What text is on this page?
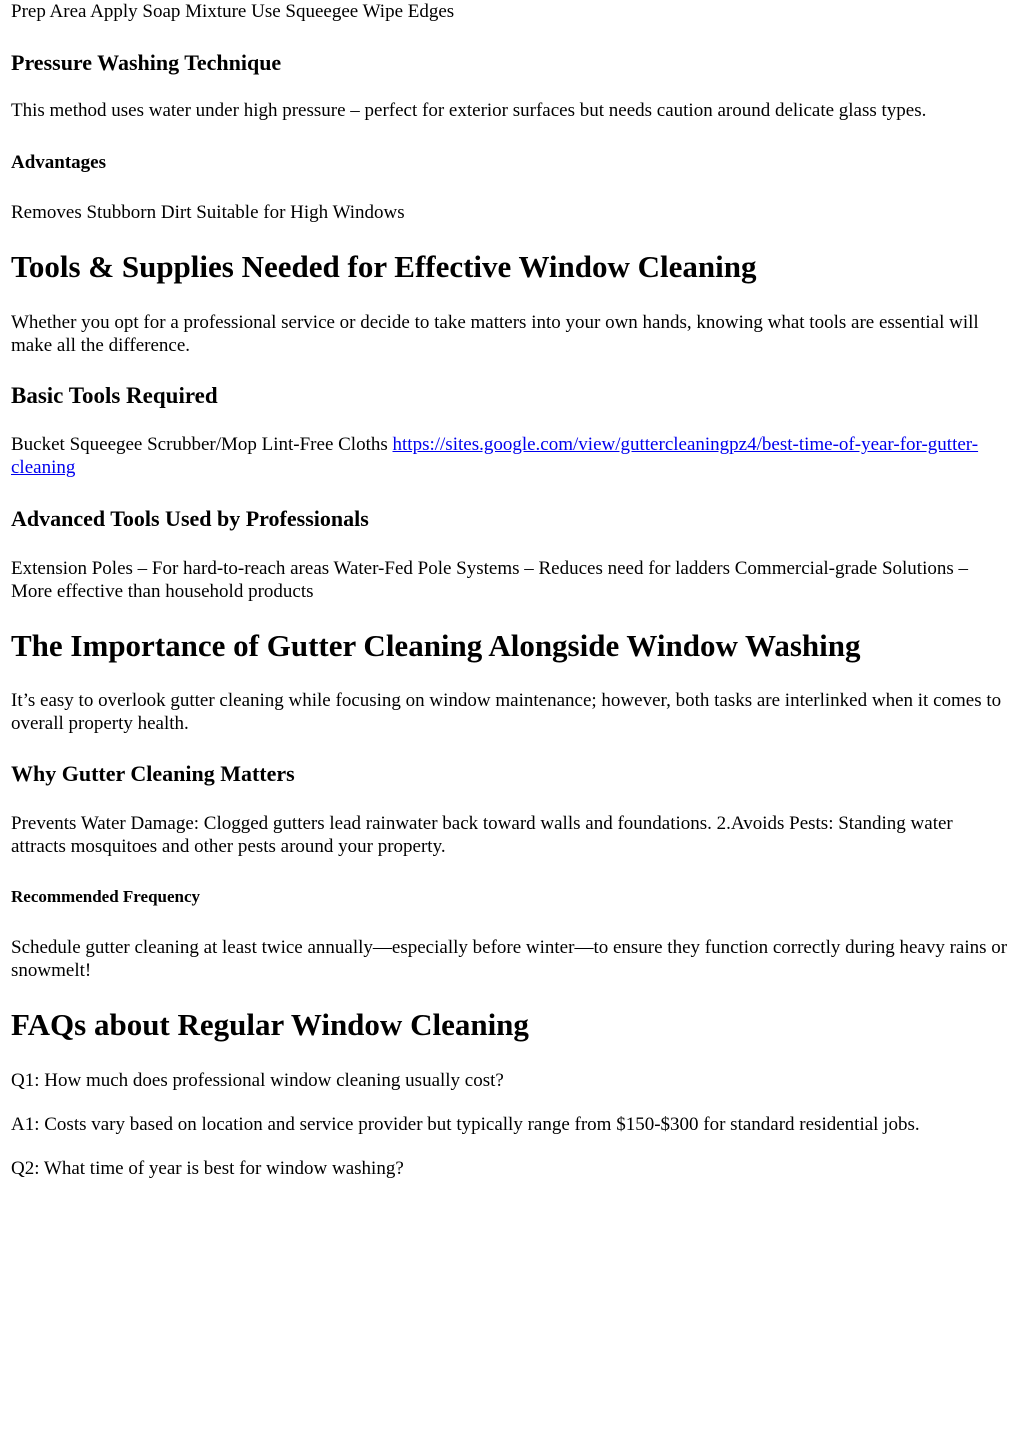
Prep Area Apply Soap Mixture Use Squeegee Wipe Edges

Pressure Washing Technique

This method uses water under high pressure – perfect for exterior surfaces but needs caution around delicate glass types.

Advantages

Removes Stubborn Dirt Suitable for High Windows

Tools & Supplies Needed for Effective Window Cleaning

Whether you opt for a professional service or decide to take matters into your own hands, knowing what tools are essential will make all the difference.

Basic Tools Required

Bucket Squeegee Scrubber/Mop Lint-Free Cloths https://sites.google.com/view/guttercleaningpz4/best-time-of-year-for-gutter-cleaning

Advanced Tools Used by Professionals

Extension Poles – For hard-to-reach areas Water-Fed Pole Systems – Reduces need for ladders Commercial-grade Solutions – More effective than household products

The Importance of Gutter Cleaning Alongside Window Washing

It’s easy to overlook gutter cleaning while focusing on window maintenance; however, both tasks are interlinked when it comes to overall property health.

Why Gutter Cleaning Matters

Prevents Water Damage: Clogged gutters lead rainwater back toward walls and foundations. 2.Avoids Pests: Standing water attracts mosquitoes and other pests around your property.

Recommended Frequency

Schedule gutter cleaning at least twice annually—especially before winter—to ensure they function correctly during heavy rains or snowmelt!

FAQs about Regular Window Cleaning

Q1: How much does professional window cleaning usually cost?

A1: Costs vary based on location and service provider but typically range from $150-$300 for standard residential jobs.

Q2: What time of year is best for window washing?
